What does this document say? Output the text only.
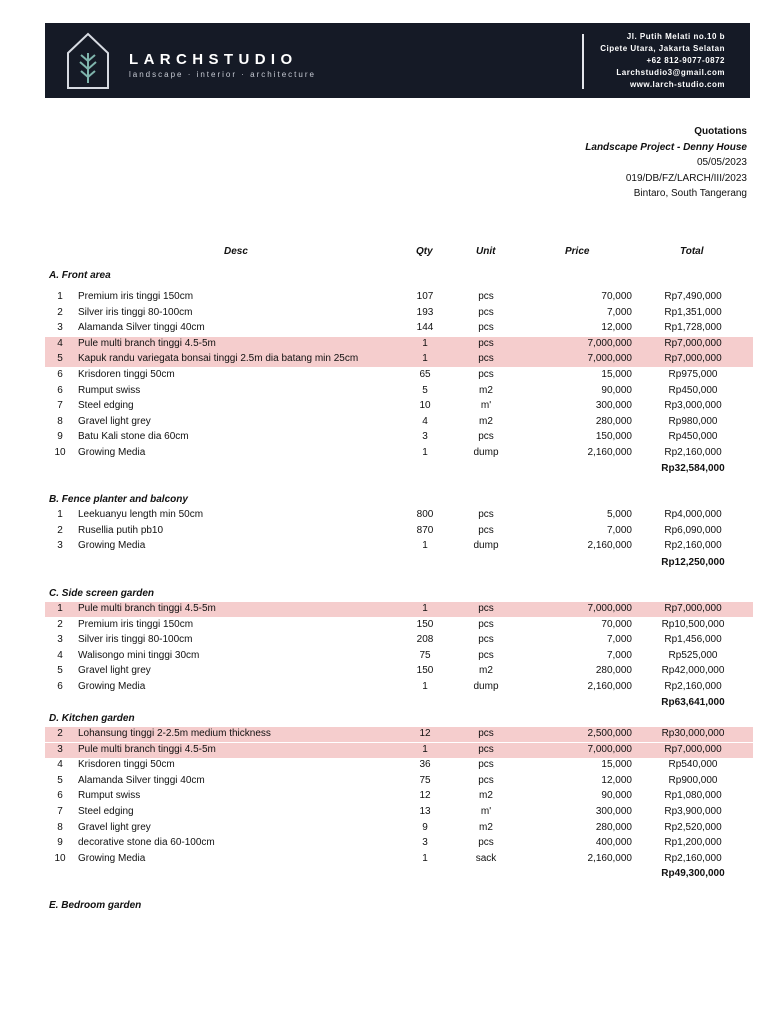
LARCHSTUDIO
landscape · interior · architecture
Jl. Putih Melati no.10 b
Cipete Utara, Jakarta Selatan
+62 812-9077-0872
Larchstudio3@gmail.com
www.larch-studio.com
Quotations
Landscape Project - Denny House
05/05/2023
019/DB/FZ/LARCH/III/2023
Bintaro, South Tangerang
Desc	Qty	Unit	Price	Total
A. Front area
1	Premium iris tinggi 150cm	107	pcs	70,000	Rp7,490,000
2	Silver iris tinggi 80-100cm	193	pcs	7,000	Rp1,351,000
3	Alamanda Silver tinggi 40cm	144	pcs	12,000	Rp1,728,000
4	Pule multi branch tinggi 4.5-5m	1	pcs	7,000,000	Rp7,000,000
5	Kapuk randu variegata bonsai tinggi 2.5m dia batang min 25cm	1	pcs	7,000,000	Rp7,000,000
6	Krisdoren tinggi 50cm	65	pcs	15,000	Rp975,000
6	Rumput swiss	5	m2	90,000	Rp450,000
7	Steel edging	10	m'	300,000	Rp3,000,000
8	Gravel light grey	4	m2	280,000	Rp980,000
9	Batu Kali stone dia 60cm	3	pcs	150,000	Rp450,000
10	Growing Media	1	dump	2,160,000	Rp2,160,000
Rp32,584,000
B. Fence planter and balcony
1	Leekuanyu length min 50cm	800	pcs	5,000	Rp4,000,000
2	Rusellia putih pb10	870	pcs	7,000	Rp6,090,000
3	Growing Media	1	dump	2,160,000	Rp2,160,000
Rp12,250,000
C. Side screen garden
1	Pule multi branch tinggi 4.5-5m	1	pcs	7,000,000	Rp7,000,000
2	Premium iris tinggi 150cm	150	pcs	70,000	Rp10,500,000
3	Silver iris tinggi 80-100cm	208	pcs	7,000	Rp1,456,000
4	Walisongo mini tinggi 30cm	75	pcs	7,000	Rp525,000
5	Gravel light grey	150	m2	280,000	Rp42,000,000
6	Growing Media	1	dump	2,160,000	Rp2,160,000
Rp63,641,000
D. Kitchen garden
2	Lohansung tinggi 2-2.5m medium thickness	12	pcs	2,500,000	Rp30,000,000
3	Pule multi branch tinggi 4.5-5m	1	pcs	7,000,000	Rp7,000,000
4	Krisdoren tinggi 50cm	36	pcs	15,000	Rp540,000
5	Alamanda Silver tinggi 40cm	75	pcs	12,000	Rp900,000
6	Rumput swiss	12	m2	90,000	Rp1,080,000
7	Steel edging	13	m'	300,000	Rp3,900,000
8	Gravel light grey	9	m2	280,000	Rp2,520,000
9	decorative stone dia 60-100cm	3	pcs	400,000	Rp1,200,000
10	Growing Media	1	sack	2,160,000	Rp2,160,000
Rp49,300,000
E. Bedroom garden
